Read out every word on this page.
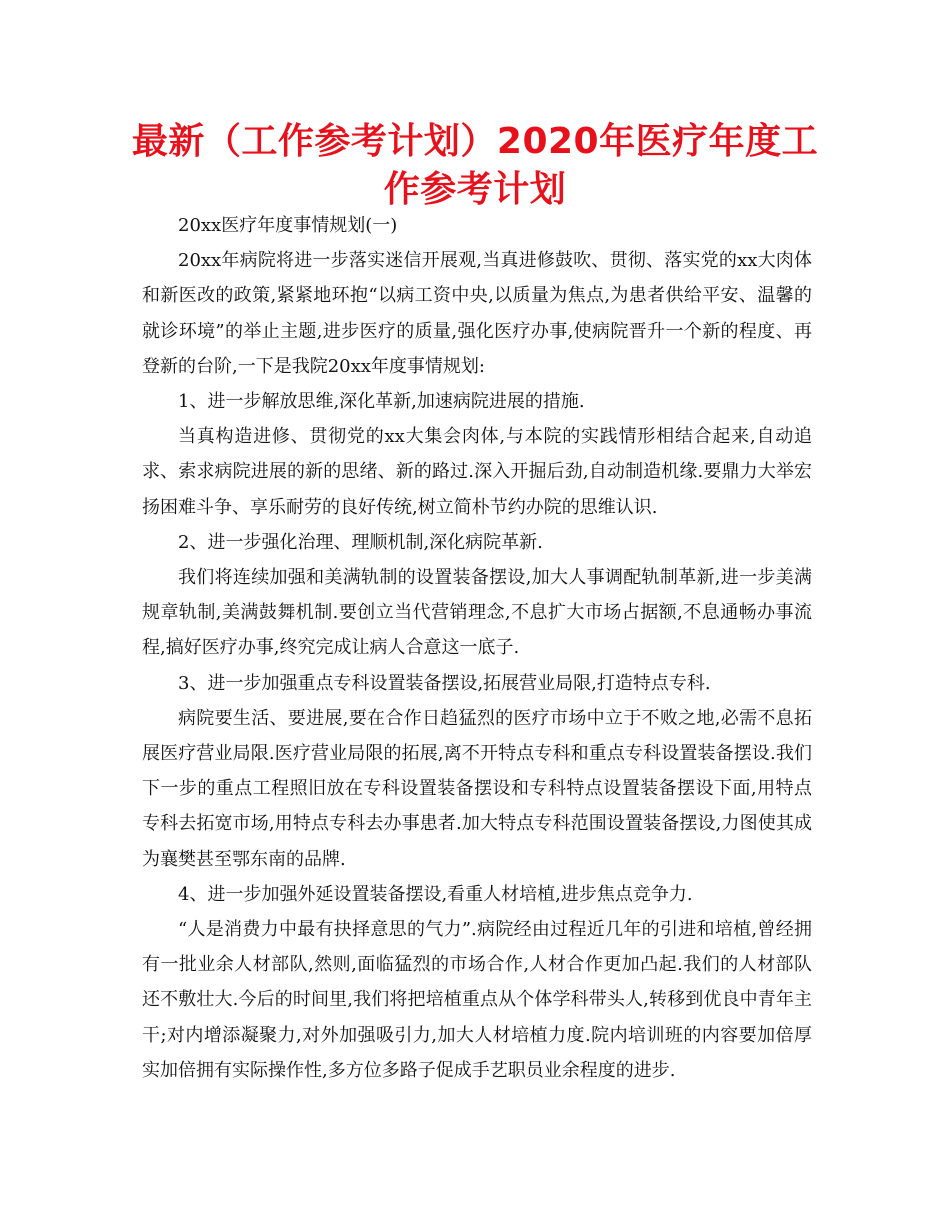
最新（工作参考计划）2020年医疗年度工作参考计划

20xx医疗年度事情规划(一)

20xx年病院将进一步落实迷信开展观,当真进修鼓吹、贯彻、落实党的xx大肉体和新医改的政策,紧紧地环抱“以病工资中央,以质量为焦点,为患者供给平安、温馨的就诊环境”的举止主题,进步医疗的质量,强化医疗办事,使病院晋升一个新的程度、再登新的台阶,一下是我院20xx年度事情规划:

1、进一步解放思维,深化革新,加速病院进展的措施.

当真构造进修、贯彻党的xx大集会肉体,与本院的实践情形相结合起来,自动追求、索求病院进展的新的思绪、新的路过.深入开掘后劲,自动制造机缘.要鼎力大举宏扬困难斗争、享乐耐劳的良好传统,树立简朴节约办院的思维认识.

2、进一步强化治理、理顺机制,深化病院革新.

我们将连续加强和美满轨制的设置装备摆设,加大人事调配轨制革新,进一步美满规章轨制,美满鼓舞机制.要创立当代营销理念,不息扩大市场占据额,不息通畅办事流程,搞好医疗办事,终究完成让病人合意这一底子.

3、进一步加强重点专科设置装备摆设,拓展营业局限,打造特点专科.

病院要生活、要进展,要在合作日趋猛烈的医疗市场中立于不败之地,必需不息拓展医疗营业局限.医疗营业局限的拓展,离不开特点专科和重点专科设置装备摆设.我们下一步的重点工程照旧放在专科设置装备摆设和专科特点设置装备摆设下面,用特点专科去拓宽市场,用特点专科去办事患者.加大特点专科范围设置装备摆设,力图使其成为襄樊甚至鄂东南的品牌.

4、进一步加强外延设置装备摆设,看重人材培植,进步焦点竞争力.

“人是消费力中最有抉择意思的气力”.病院经由过程近几年的引进和培植,曾经拥有一批业余人材部队,然则,面临猛烈的市场合作,人材合作更加凸起.我们的人材部队还不敷壮大.今后的时间里,我们将把培植重点从个体学科带头人,转移到优良中青年主干;对内增添凝聚力,对外加强吸引力,加大人材培植力度.院内培训班的内容要加倍厚实加倍拥有实际操作性,多方位多路子促成手艺职员业余程度的进步.
